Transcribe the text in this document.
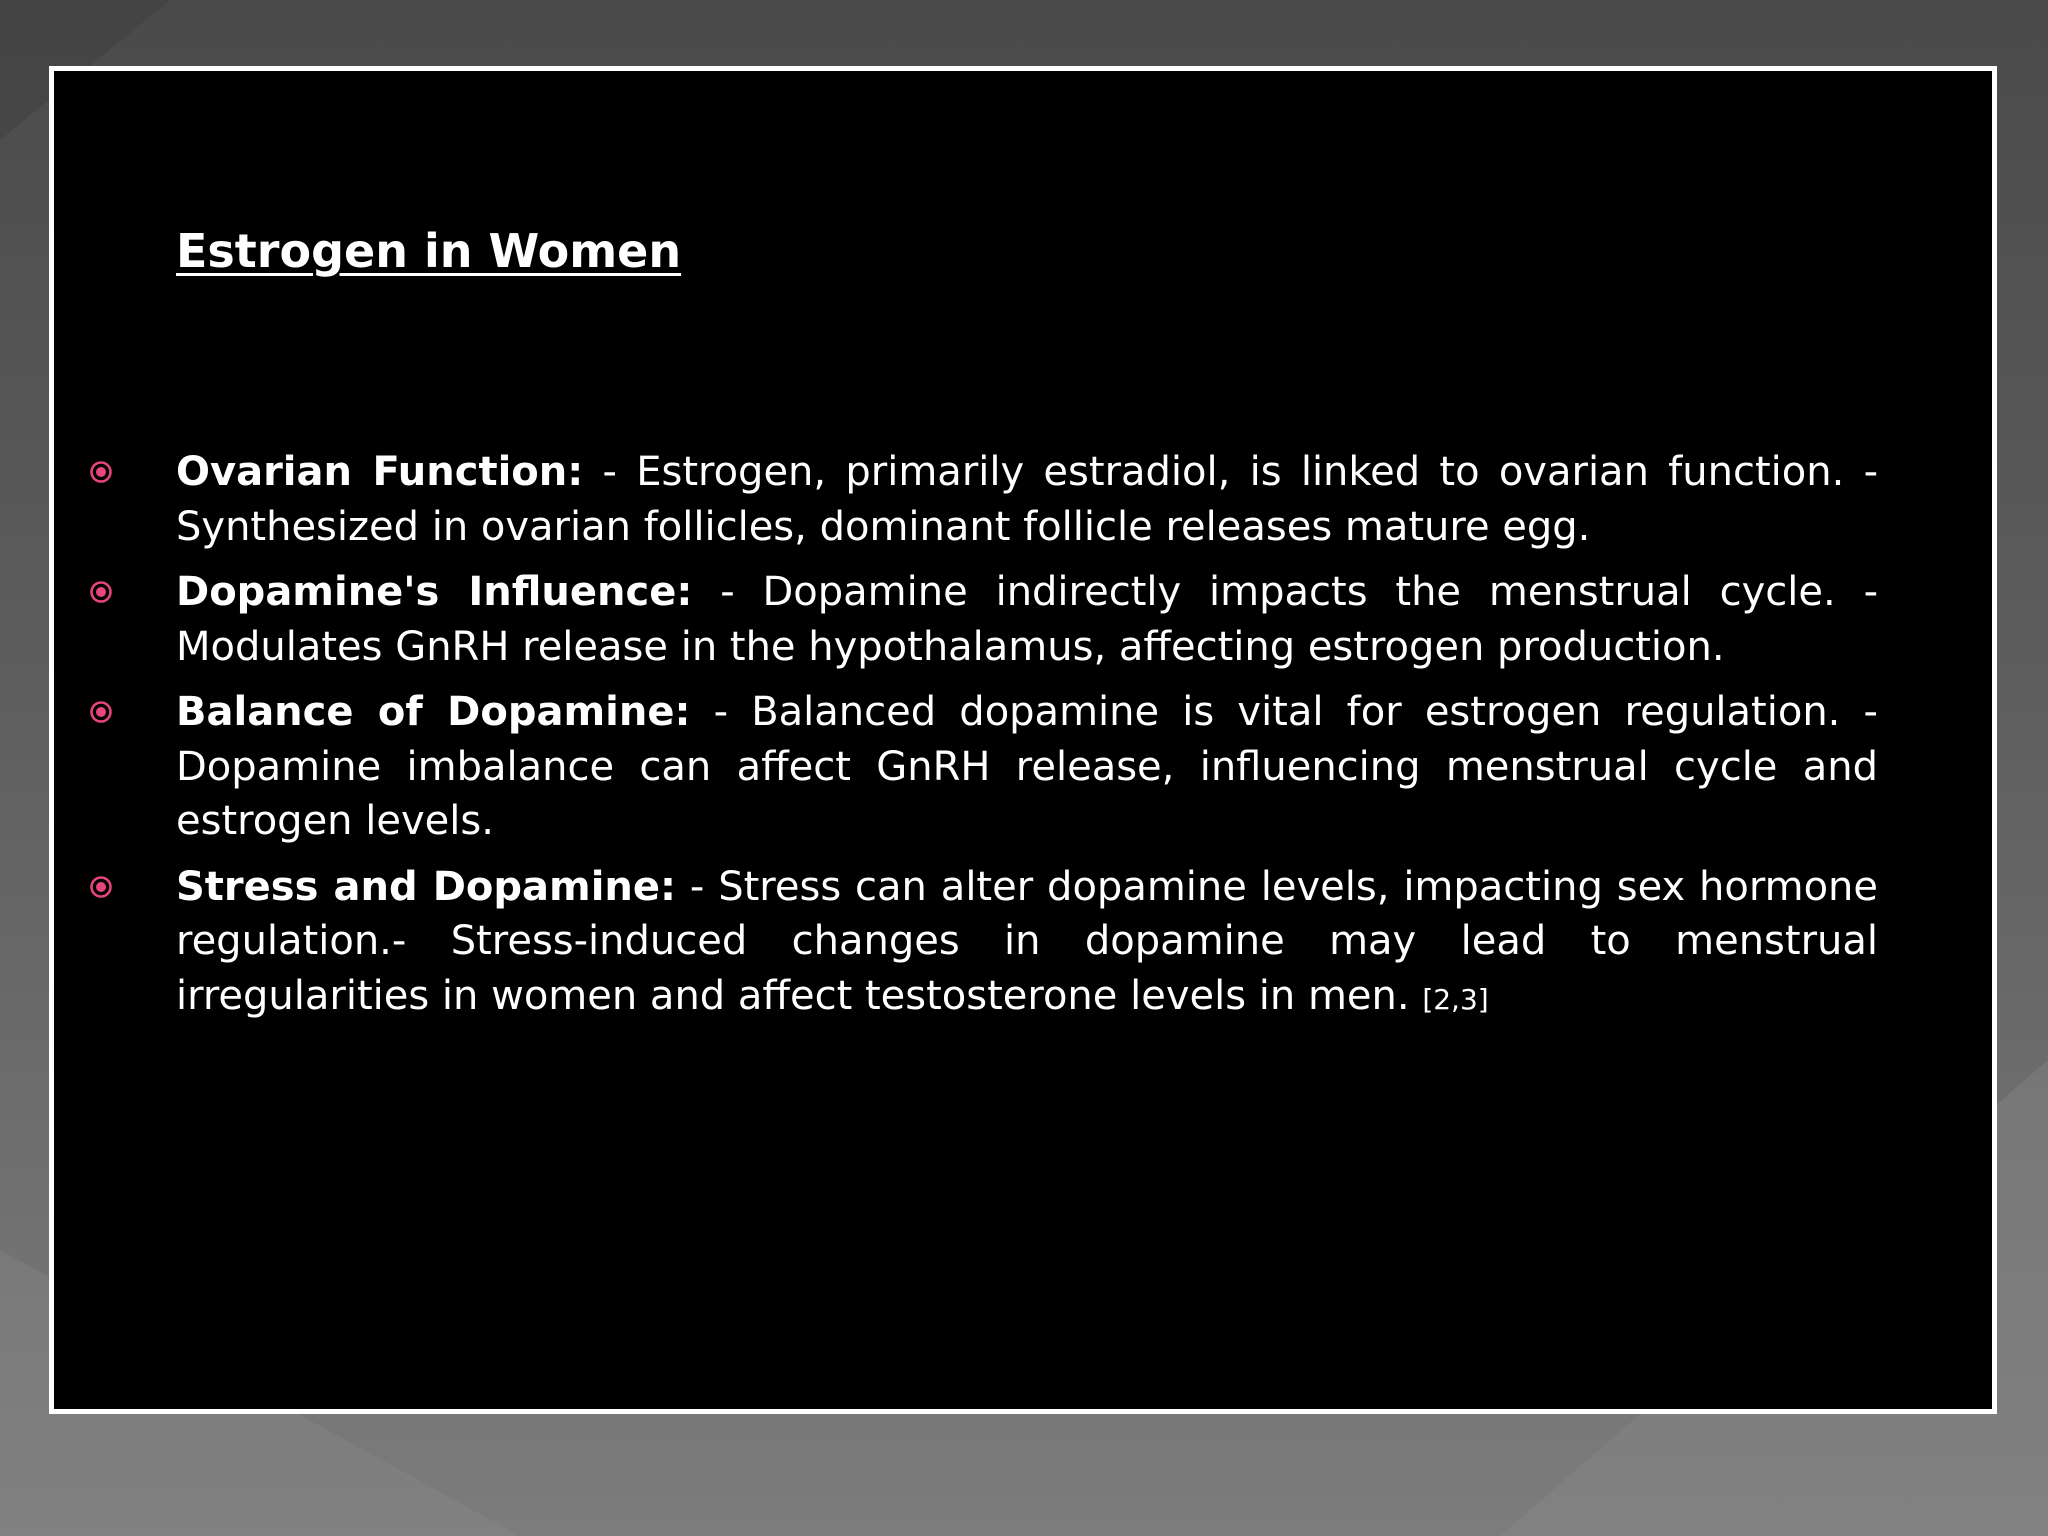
Estrogen in Women
Ovarian Function: - Estrogen, primarily estradiol, is linked to ovarian function. - Synthesized in ovarian follicles, dominant follicle releases mature egg.
Dopamine's Influence: - Dopamine indirectly impacts the menstrual cycle. - Modulates GnRH release in the hypothalamus, affecting estrogen production.
Balance of Dopamine: - Balanced dopamine is vital for estrogen regulation. - Dopamine imbalance can affect GnRH release, influencing menstrual cycle and estrogen levels.
Stress and Dopamine: - Stress can alter dopamine levels, impacting sex hormone regulation.- Stress-induced changes in dopamine may lead to menstrual irregularities in women and affect testosterone levels in men. [2,3]
